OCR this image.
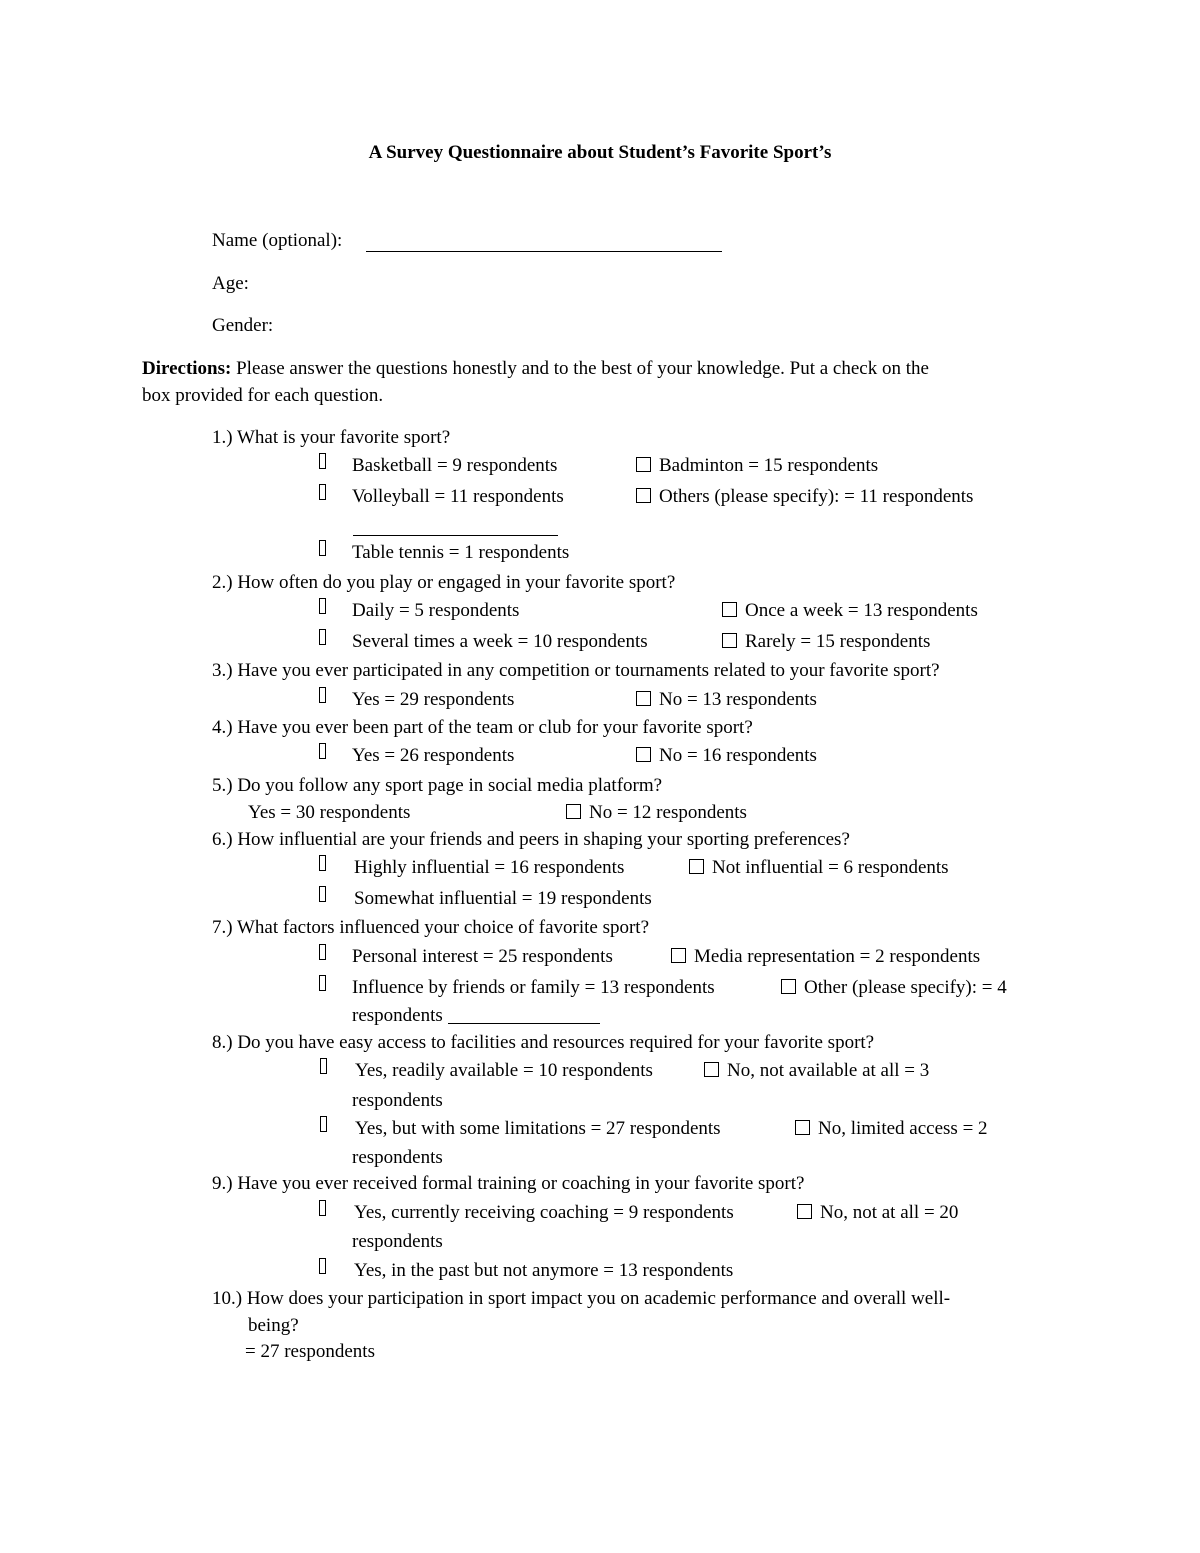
A Survey Questionnaire about Student’s Favorite Sport’s
Name (optional):
Age:
Gender:
Directions: Please answer the questions honestly and to the best of your knowledge. Put a check on the
box provided for each question.
1.) What is your favorite sport?
Basketball = 9 respondents	Badminton = 15 respondents
Volleyball = 11 respondents	Others (please specify): = 11 respondents
Table tennis = 1 respondents
2.) How often do you play or engaged in your favorite sport?
Daily = 5 respondents	Once a week = 13 respondents
Several times a week = 10 respondents	Rarely = 15 respondents
3.) Have you ever participated in any competition or tournaments related to your favorite sport?
Yes = 29 respondents	No = 13 respondents
4.) Have you ever been part of the team or club for your favorite sport?
Yes = 26 respondents	No = 16 respondents
5.) Do you follow any sport page in social media platform?
Yes = 30 respondents	No = 12 respondents
6.) How influential are your friends and peers in shaping your sporting preferences?
Highly influential = 16 respondents	Not influential = 6 respondents
Somewhat influential = 19 respondents
7.) What factors influenced your choice of favorite sport?
Personal interest = 25 respondents	Media representation = 2 respondents
Influence by friends or family = 13 respondents	Other (please specify): = 4
respondents
8.) Do you have easy access to facilities and resources required for your favorite sport?
Yes, readily available = 10 respondents	No, not available at all = 3
respondents
Yes, but with some limitations = 27 respondents	No, limited access = 2
respondents
9.) Have you ever received formal training or coaching in your favorite sport?
Yes, currently receiving coaching = 9 respondents	No, not at all = 20
respondents
Yes, in the past but not anymore = 13 respondents
10.) How does your participation in sport impact you on academic performance and overall well-
being?
= 27 respondents
